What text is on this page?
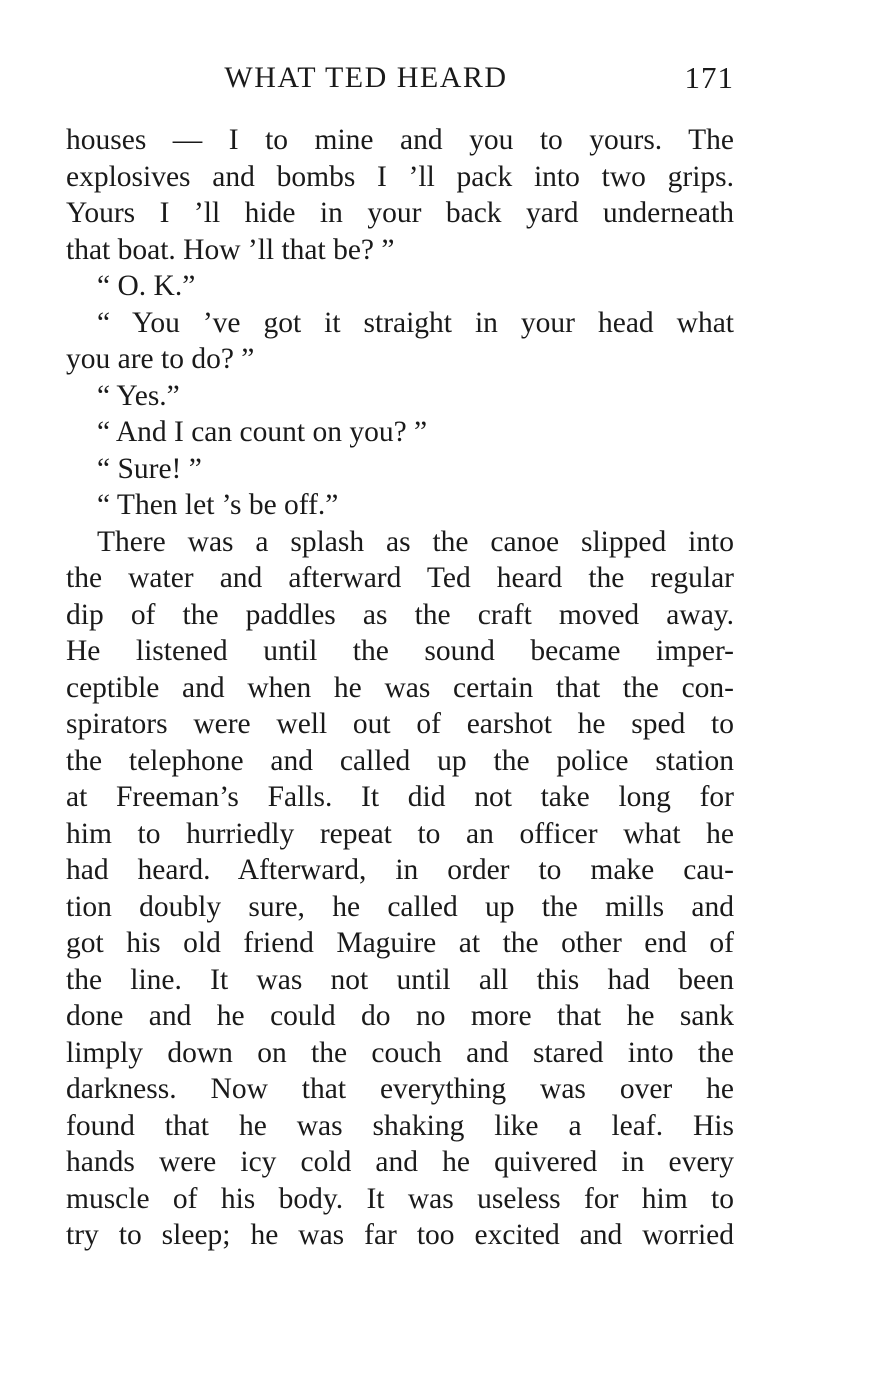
WHAT TED HEARD	171
houses — I to mine and you to yours. The
explosives and bombs I ’ll pack into two grips.
Yours I ’ll hide in your back yard underneath
that boat. How ’ll that be? ”
“ O. K.”
“ You ’ve got it straight in your head what
you are to do? ”
“ Yes.”
“ And I can count on you? ”
“ Sure! ”
“ Then let ’s be off.”
There was a splash as the canoe slipped into
the water and afterward Ted heard the regular
dip of the paddles as the craft moved away.
He listened until the sound became imper-
ceptible and when he was certain that the con-
spirators were well out of earshot he sped to
the telephone and called up the police station
at Freeman’s Falls. It did not take long for
him to hurriedly repeat to an officer what he
had heard. Afterward, in order to make cau-
tion doubly sure, he called up the mills and
got his old friend Maguire at the other end of
the line. It was not until all this had been
done and he could do no more that he sank
limply down on the couch and stared into the
darkness. Now that everything was over he
found that he was shaking like a leaf. His
hands were icy cold and he quivered in every
muscle of his body. It was useless for him to
try to sleep; he was far too excited and worried
